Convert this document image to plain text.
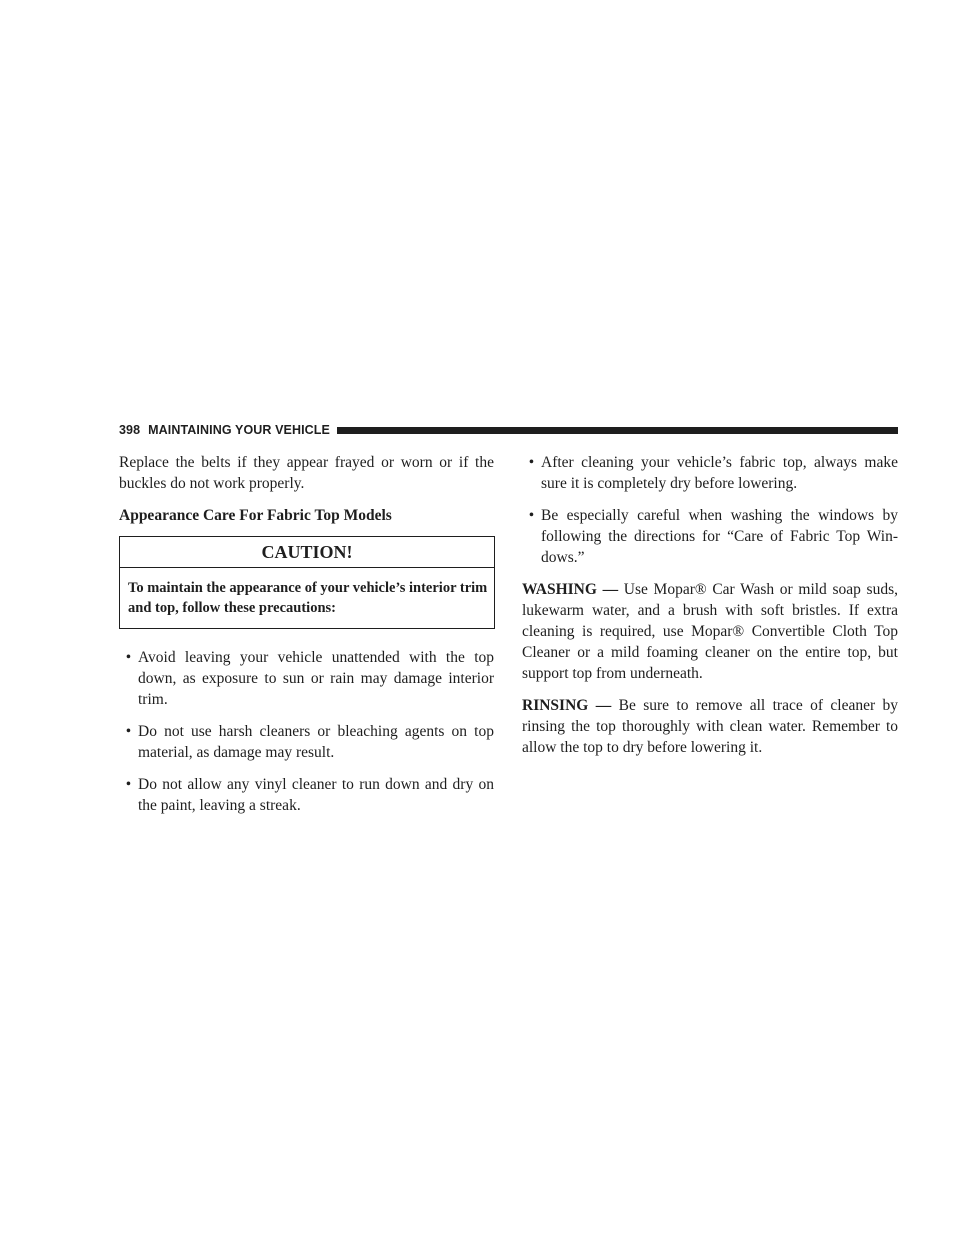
398 MAINTAINING YOUR VEHICLE

Replace the belts if they appear frayed or worn or if the buckles do not work properly.

Appearance Care For Fabric Top Models
CAUTION!
To maintain the appearance of your vehicle’s interior trim and top, follow these precautions:
• Avoid leaving your vehicle unattended with the top down, as exposure to sun or rain may damage interior trim.
• Do not use harsh cleaners or bleaching agents on top material, as damage may result.
• Do not allow any vinyl cleaner to run down and dry on the paint, leaving a streak.
• After cleaning your vehicle’s fabric top, always make sure it is completely dry before lowering.
• Be especially careful when washing the windows by following the directions for “Care of Fabric Top Win- dows.”

WASHING — Use Mopar® Car Wash or mild soap suds, lukewarm water, and a brush with soft bristles. If extra cleaning is required, use Mopar® Convertible Cloth Top Cleaner or a mild foaming cleaner on the entire top, but support top from underneath.

RINSING — Be sure to remove all trace of cleaner by rinsing the top thoroughly with clean water. Remember to allow the top to dry before lowering it.
